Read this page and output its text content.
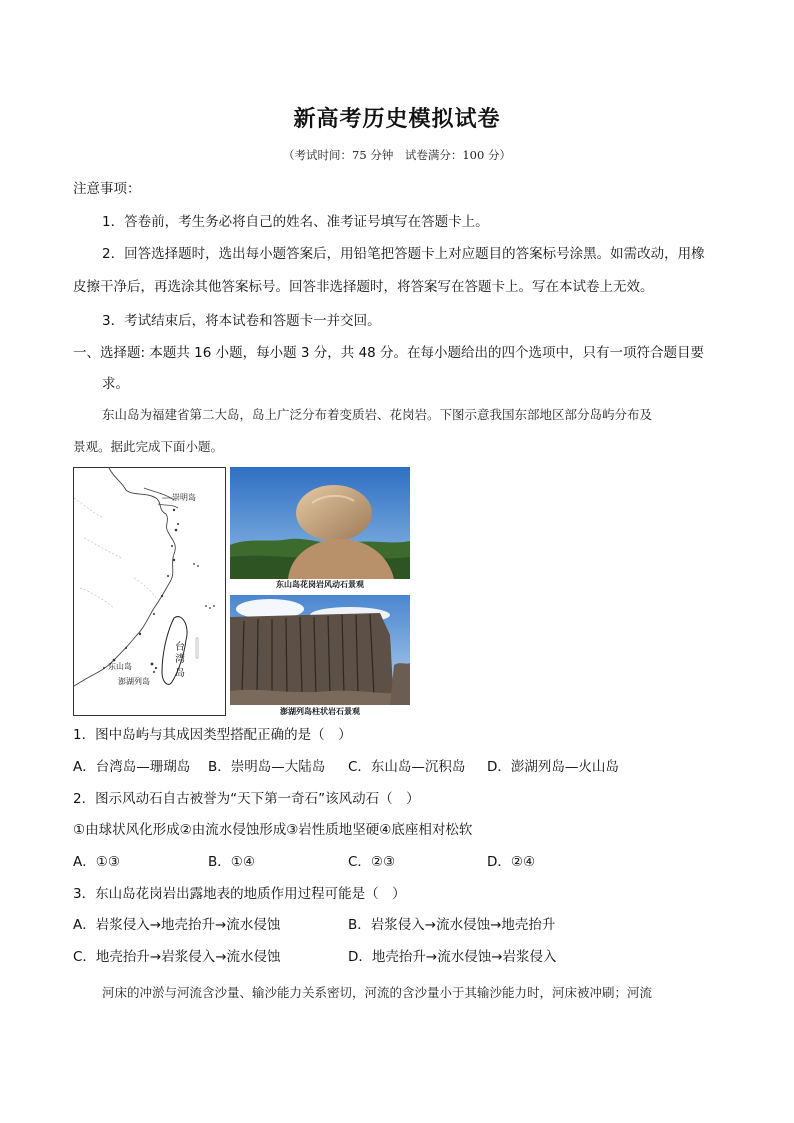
新高考历史模拟试卷
（考试时间：75 分钟　试卷满分：100 分）
注意事项：
1．答卷前，考生务必将自己的姓名、准考证号填写在答题卡上。
2．回答选择题时，选出每小题答案后，用铅笔把答题卡上对应题目的答案标号涂黑。如需改动，用橡
皮擦干净后，再选涂其他答案标号。回答非选择题时，将答案写在答题卡上。写在本试卷上无效。
3．考试结束后，将本试卷和答题卡一并交回。
一、选择题: 本题共 16 小题，每小题 3 分，共 48 分。在每小题给出的四个选项中，只有一项符合题目要
求。
东山岛为福建省第二大岛，岛上广泛分布着变质岩、花岗岩。下图示意我国东部地区部分岛屿分布及
景观。据此完成下面小题。
崇明岛
台
湾
岛
东山岛
澎湖列岛
东山岛花岗岩风动石景观
澎湖列岛柱状岩石景观
1．图中岛屿与其成因类型搭配正确的是（　）
A．台湾岛—珊瑚岛 B．崇明岛—大陆岛 C．东山岛—沉积岛 D．澎湖列岛—火山岛
2．图示风动石自古被誉为“天下第一奇石”该风动石（　）
①由球状风化形成②由流水侵蚀形成③岩性质地坚硬④底座相对松软
A．①③	B．①④	C．②③	D．②④
3．东山岛花岗岩出露地表的地质作用过程可能是（　）
A．岩浆侵入→地壳抬升→流水侵蚀	B．岩浆侵入→流水侵蚀→地壳抬升
C．地壳抬升→岩浆侵入→流水侵蚀	D．地壳抬升→流水侵蚀→岩浆侵入
河床的冲淤与河流含沙量、输沙能力关系密切，河流的含沙量小于其输沙能力时，河床被冲刷；河流
